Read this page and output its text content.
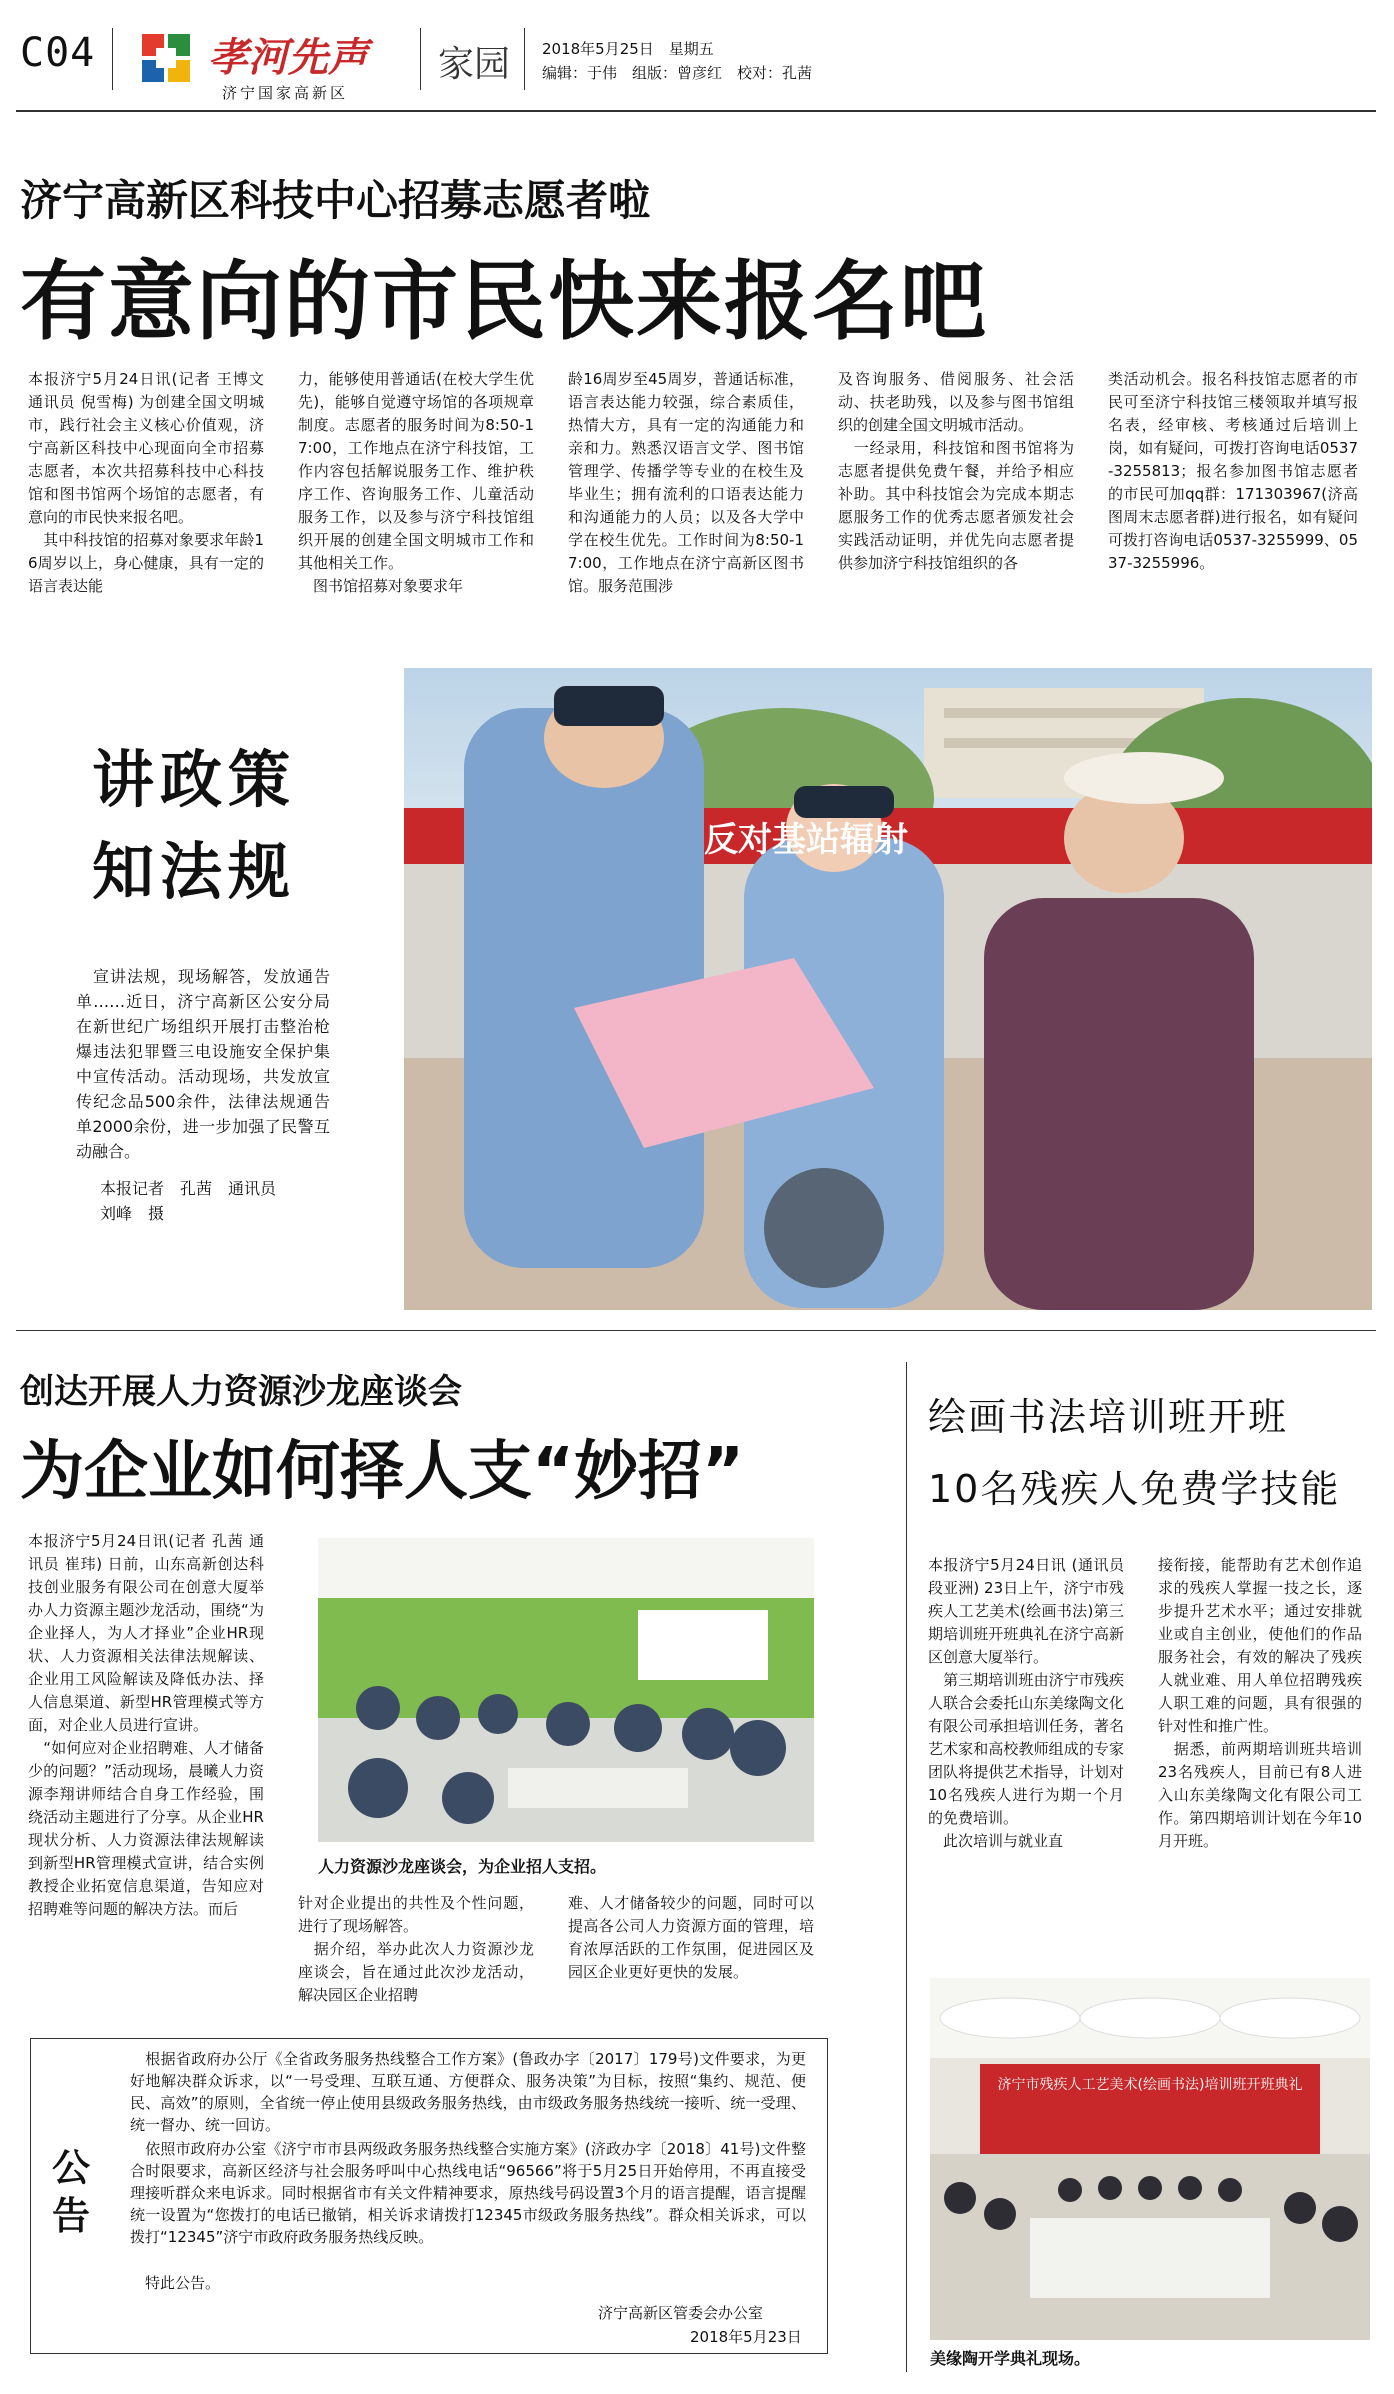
C04	孝河先声
济宁国家高新区
家园 2018年5月25日　星期五
编辑：于伟　组版：曾彦红　校对：孔茜
济宁高新区科技中心招募志愿者啦
有意向的市民快来报名吧
本报济宁5月24日讯(记者 王博文 通讯员 倪雪梅) 为创建全国文明城市，践行社会主义核心价值观，济宁高新区科技中心现面向全市招募志愿者，本次共招募科技中心科技馆和图书馆两个场馆的志愿者，有意向的市民快来报名吧。
　其中科技馆的招募对象要求年龄16周岁以上，身心健康，具有一定的语言表达能
力，能够使用普通话(在校大学生优先)，能够自觉遵守场馆的各项规章制度。志愿者的服务时间为8:50-17:00，工作地点在济宁科技馆，工作内容包括解说服务工作、维护秩序工作、咨询服务工作、儿童活动服务工作，以及参与济宁科技馆组织开展的创建全国文明城市工作和其他相关工作。
　图书馆招募对象要求年
龄16周岁至45周岁，普通话标准，语言表达能力较强，综合素质佳，热情大方，具有一定的沟通能力和亲和力。熟悉汉语言文学、图书馆管理学、传播学等专业的在校生及毕业生；拥有流利的口语表达能力和沟通能力的人员；以及各大学中学在校生优先。工作时间为8:50-17:00，工作地点在济宁高新区图书馆。服务范围涉
及咨询服务、借阅服务、社会活动、扶老助残，以及参与图书馆组织的创建全国文明城市活动。
　一经录用，科技馆和图书馆将为志愿者提供免费午餐，并给予相应补助。其中科技馆会为完成本期志愿服务工作的优秀志愿者颁发社会实践活动证明，并优先向志愿者提供参加济宁科技馆组织的各
类活动机会。报名科技馆志愿者的市民可至济宁科技馆三楼领取并填写报名表，经审核、考核通过后培训上岗，如有疑问，可拨打咨询电话0537-3255813；报名参加图书馆志愿者的市民可加qq群：171303967(济高图周末志愿者群)进行报名，如有疑问可拨打咨询电话0537-3255999、0537-3255996。
讲政策
知法规
　宣讲法规，现场解答，发放通告单……近日，济宁高新区公安分局在新世纪广场组织开展打击整治枪爆违法犯罪暨三电设施安全保护集中宣传活动。活动现场，共发放宣传纪念品500余件，法律法规通告单2000余份，进一步加强了民警互动融合。
本报记者　孔茜　通讯员
刘峰　摄
反对基站辐射
创达开展人力资源沙龙座谈会
为企业如何择人支“妙招”
本报济宁5月24日讯(记者 孔茜 通讯员 崔玮) 日前，山东高新创达科技创业服务有限公司在创意大厦举办人力资源主题沙龙活动，围绕“为企业择人，为人才择业”企业HR现状、人力资源相关法律法规解读、企业用工风险解读及降低办法、择人信息渠道、新型HR管理模式等方面，对企业人员进行宣讲。
　“如何应对企业招聘难、人才储备少的问题？”活动现场，晨曦人力资源李翔讲师结合自身工作经验，围绕活动主题进行了分享。从企业HR现状分析、人力资源法律法规解读到新型HR管理模式宣讲，结合实例教授企业拓宽信息渠道，告知应对招聘难等问题的解决方法。而后
人力资源沙龙座谈会，为企业招人支招。
针对企业提出的共性及个性问题，进行了现场解答。
　据介绍，举办此次人力资源沙龙座谈会，旨在通过此次沙龙活动，解决园区企业招聘
难、人才储备较少的问题，同时可以提高各公司人力资源方面的管理，培育浓厚活跃的工作氛围，促进园区及园区企业更好更快的发展。
绘画书法培训班开班
10名残疾人免费学技能
本报济宁5月24日讯 (通讯员 段亚洲) 23日上午，济宁市残疾人工艺美术(绘画书法)第三期培训班开班典礼在济宁高新区创意大厦举行。
　第三期培训班由济宁市残疾人联合会委托山东美缘陶文化有限公司承担培训任务，著名艺术家和高校教师组成的专家团队将提供艺术指导，计划对10名残疾人进行为期一个月的免费培训。
　此次培训与就业直
接衔接，能帮助有艺术创作追求的残疾人掌握一技之长，逐步提升艺术水平；通过安排就业或自主创业，使他们的作品服务社会，有效的解决了残疾人就业难、用人单位招聘残疾人职工难的问题，具有很强的针对性和推广性。
　据悉，前两期培训班共培训23名残疾人，目前已有8人进入山东美缘陶文化有限公司工作。第四期培训计划在今年10月开班。
济宁市残疾人工艺美术(绘画书法)培训班开班典礼
美缘陶开学典礼现场。
公告
　根据省政府办公厅《全省政务服务热线整合工作方案》(鲁政办字〔2017〕179号)文件要求，为更好地解决群众诉求，以“一号受理、互联互通、方便群众、服务决策”为目标，按照“集约、规范、便民、高效”的原则，全省统一停止使用县级政务服务热线，由市级政务服务热线统一接听、统一受理、统一督办、统一回访。
　依照市政府办公室《济宁市市县两级政务服务热线整合实施方案》(济政办字〔2018〕41号)文件整合时限要求，高新区经济与社会服务呼叫中心热线电话“96566”将于5月25日开始停用，不再直接受理接听群众来电诉求。同时根据省市有关文件精神要求，原热线号码设置3个月的语言提醒，语言提醒统一设置为“您拨打的电话已撤销，相关诉求请拨打12345市级政务服务热线”。群众相关诉求，可以拨打“12345”济宁市政府政务服务热线反映。
　特此公告。
济宁高新区管委会办公室
2018年5月23日
